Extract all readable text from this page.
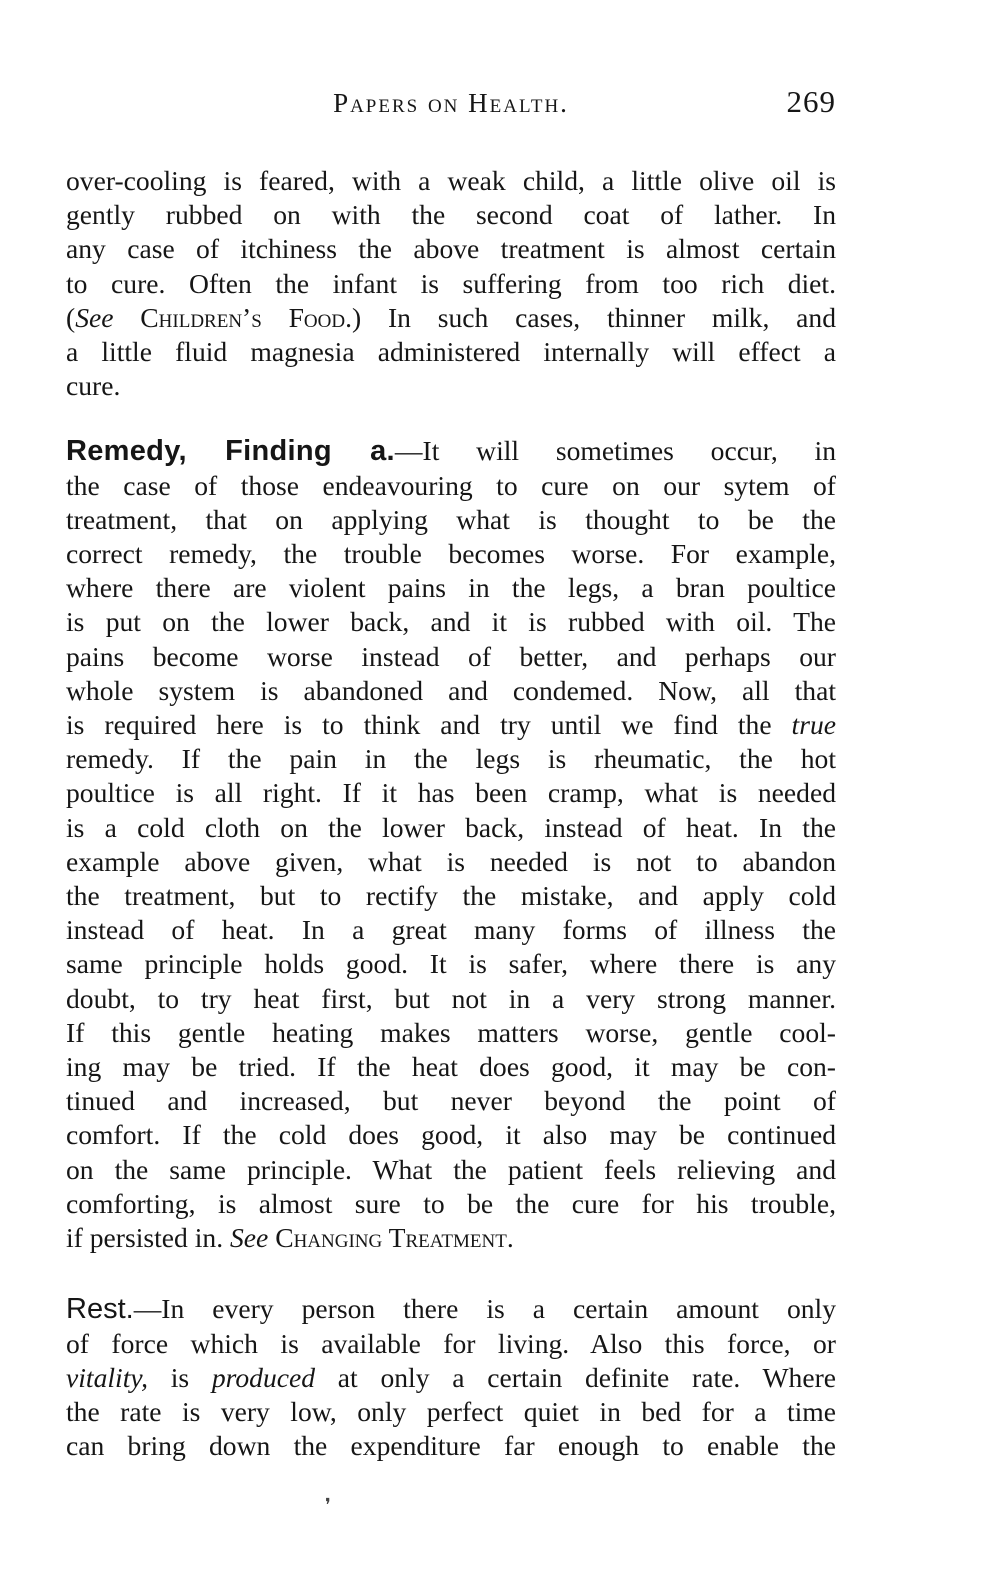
Papers on Health.	269
over-cooling is feared, with a weak child, a little olive oil is
gently rubbed on with the second coat of lather. In
any case of itchiness the above treatment is almost certain
to cure. Often the infant is suffering from too rich diet.
(See Children’s Food.) In such cases, thinner milk, and
a little fluid magnesia administered internally will effect a
cure.
Remedy, Finding a.—It will sometimes occur, in
the case of those endeavouring to cure on our sytem of
treatment, that on applying what is thought to be the
correct remedy, the trouble becomes worse. For example,
where there are violent pains in the legs, a bran poultice
is put on the lower back, and it is rubbed with oil. The
pains become worse instead of better, and perhaps our
whole system is abandoned and condemed. Now, all that
is required here is to think and try until we find the true
remedy. If the pain in the legs is rheumatic, the hot
poultice is all right. If it has been cramp, what is needed
is a cold cloth on the lower back, instead of heat. In the
example above given, what is needed is not to abandon
the treatment, but to rectify the mistake, and apply cold
instead of heat. In a great many forms of illness the
same principle holds good. It is safer, where there is any
doubt, to try heat first, but not in a very strong manner.
If this gentle heating makes matters worse, gentle cool-
ing may be tried. If the heat does good, it may be con-
tinued and increased, but never beyond the point of
comfort. If the cold does good, it also may be continued
on the same principle. What the patient feels relieving and
comforting, is almost sure to be the cure for his trouble,
if persisted in. See Changing Treatment.
Rest.—In every person there is a certain amount only
of force which is available for living. Also this force, or
vitality, is produced at only a certain definite rate. Where
the rate is very low, only perfect quiet in bed for a time
can bring down the expenditure far enough to enable the
❜
